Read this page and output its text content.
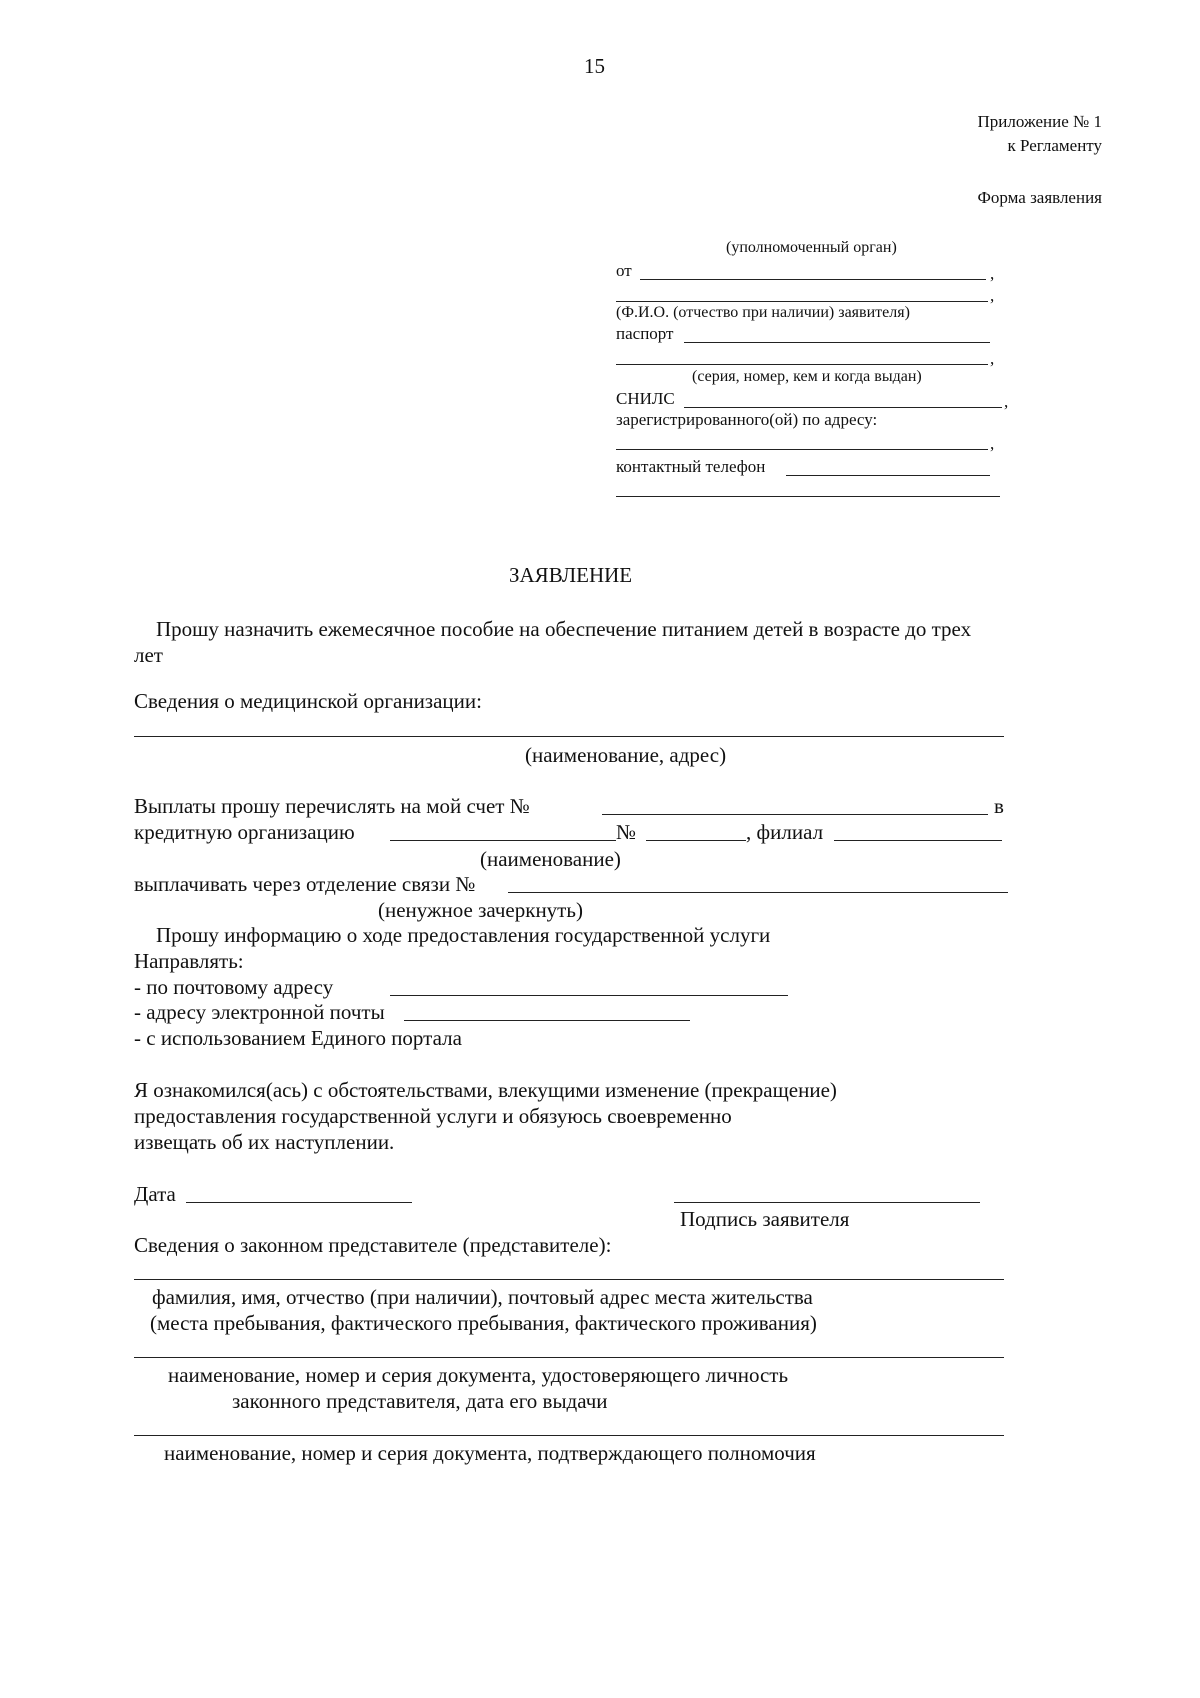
15
Приложение № 1
к Регламенту
Форма заявления
(уполномоченный орган)
от	,
,
(Ф.И.О. (отчество при наличии) заявителя)
паспорт
,
(серия, номер, кем и когда выдан)
СНИЛС	,
зарегистрированного(ой) по адресу:
,
контактный телефон
ЗАЯВЛЕНИЕ
Прошу назначить ежемесячное пособие на обеспечение питанием детей в возрасте до трех
лет
Сведения о медицинской организации:
(наименование, адрес)
Выплаты прошу перечислять на мой счет №	в
кредитную организацию	№	, филиал
(наименование)
выплачивать через отделение связи №
(ненужное зачеркнуть)
Прошу информацию о ходе предоставления государственной услуги
Направлять:
- по почтовому адресу
- адресу электронной почты
- с использованием Единого портала
Я ознакомился(ась) с обстоятельствами, влекущими изменение (прекращение)
предоставления государственной услуги и обязуюсь своевременно
извещать об их наступлении.
Дата
Подпись заявителя
Сведения о законном представителе (представителе):
фамилия, имя, отчество (при наличии), почтовый адрес места жительства
(места пребывания, фактического пребывания, фактического проживания)
наименование, номер и серия документа, удостоверяющего личность
законного представителя, дата его выдачи
наименование, номер и серия документа, подтверждающего полномочия
